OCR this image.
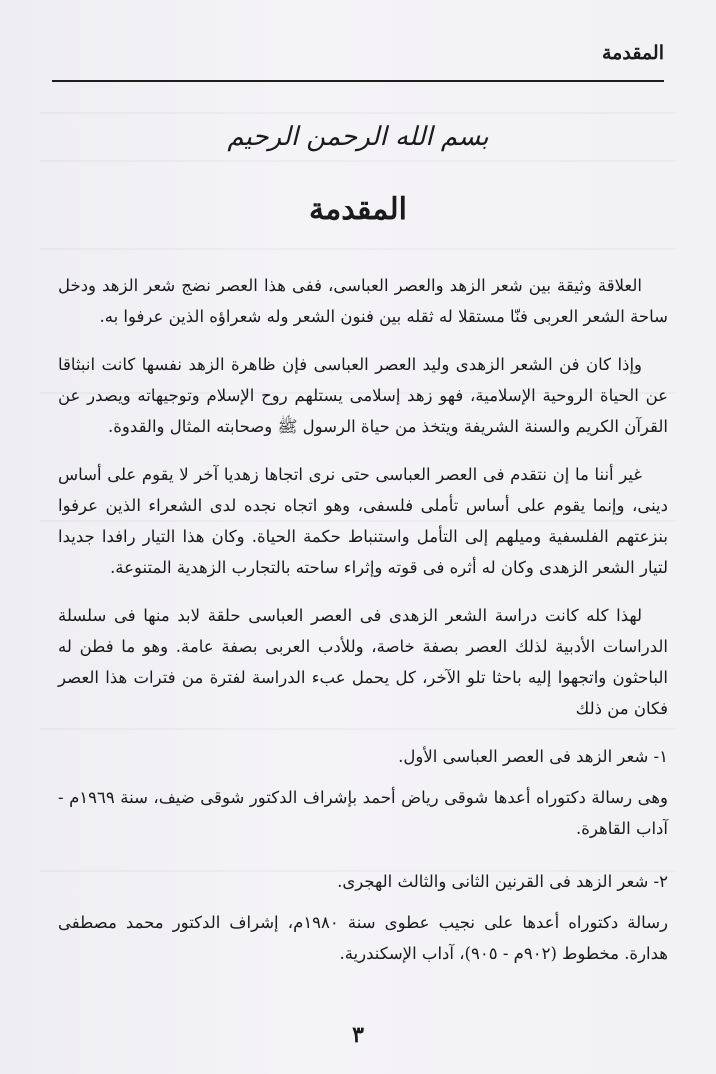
المقدمة
بسم الله الرحمن الرحيم
المقدمة

العلاقة وثيقة بين شعر الزهد والعصر العباسى، ففى هذا العصر نضج شعر الزهد ودخل ساحة الشعر العربى فنّا مستقلا له ثقله بين فنون الشعر وله شعراؤه الذين عرفوا به.

وإذا كان فن الشعر الزهدى وليد العصر العباسى فإن ظاهرة الزهد نفسها كانت انبثاقا عن الحياة الروحية الإسلامية، فهو زهد إسلامى يستلهم روح الإسلام وتوجيهاته ويصدر عن القرآن الكريم والسنة الشريفة ويتخذ من حياة الرسول ﷺ وصحابته المثال والقدوة.

غير أننا ما إن نتقدم فى العصر العباسى حتى نرى اتجاها زهديا آخر لا يقوم على أساس دينى، وإنما يقوم على أساس تأملى فلسفى، وهو اتجاه نجده لدى الشعراء الذين عرفوا بنزعتهم الفلسفية وميلهم إلى التأمل واستنباط حكمة الحياة. وكان هذا التيار رافدا جديدا لتيار الشعر الزهدى وكان له أثره فى قوته وإثراء ساحته بالتجارب الزهدية المتنوعة.

لهذا كله كانت دراسة الشعر الزهدى فى العصر العباسى حلقة لابد منها فى سلسلة الدراسات الأدبية لذلك العصر بصفة خاصة، وللأدب العربى بصفة عامة. وهو ما فطن له الباحثون واتجهوا إليه باحثا تلو الآخر، كل يحمل عبء الدراسة لفترة من فترات هذا العصر فكان من ذلك

١- شعر الزهد فى العصر العباسى الأول.

وهى رسالة دكتوراه أعدها شوقى رياض أحمد بإشراف الدكتور شوقى ضيف، سنة ١٩٦٩م - آداب القاهرة.

٢- شعر الزهد فى القرنين الثانى والثالث الهجرى.

رسالة دكتوراه أعدها على نجيب عطوى سنة ١٩٨٠م، إشراف الدكتور محمد مصطفى هدارة. مخطوط (٩٠٢م - ٩٠٥)، آداب الإسكندرية.

٣
